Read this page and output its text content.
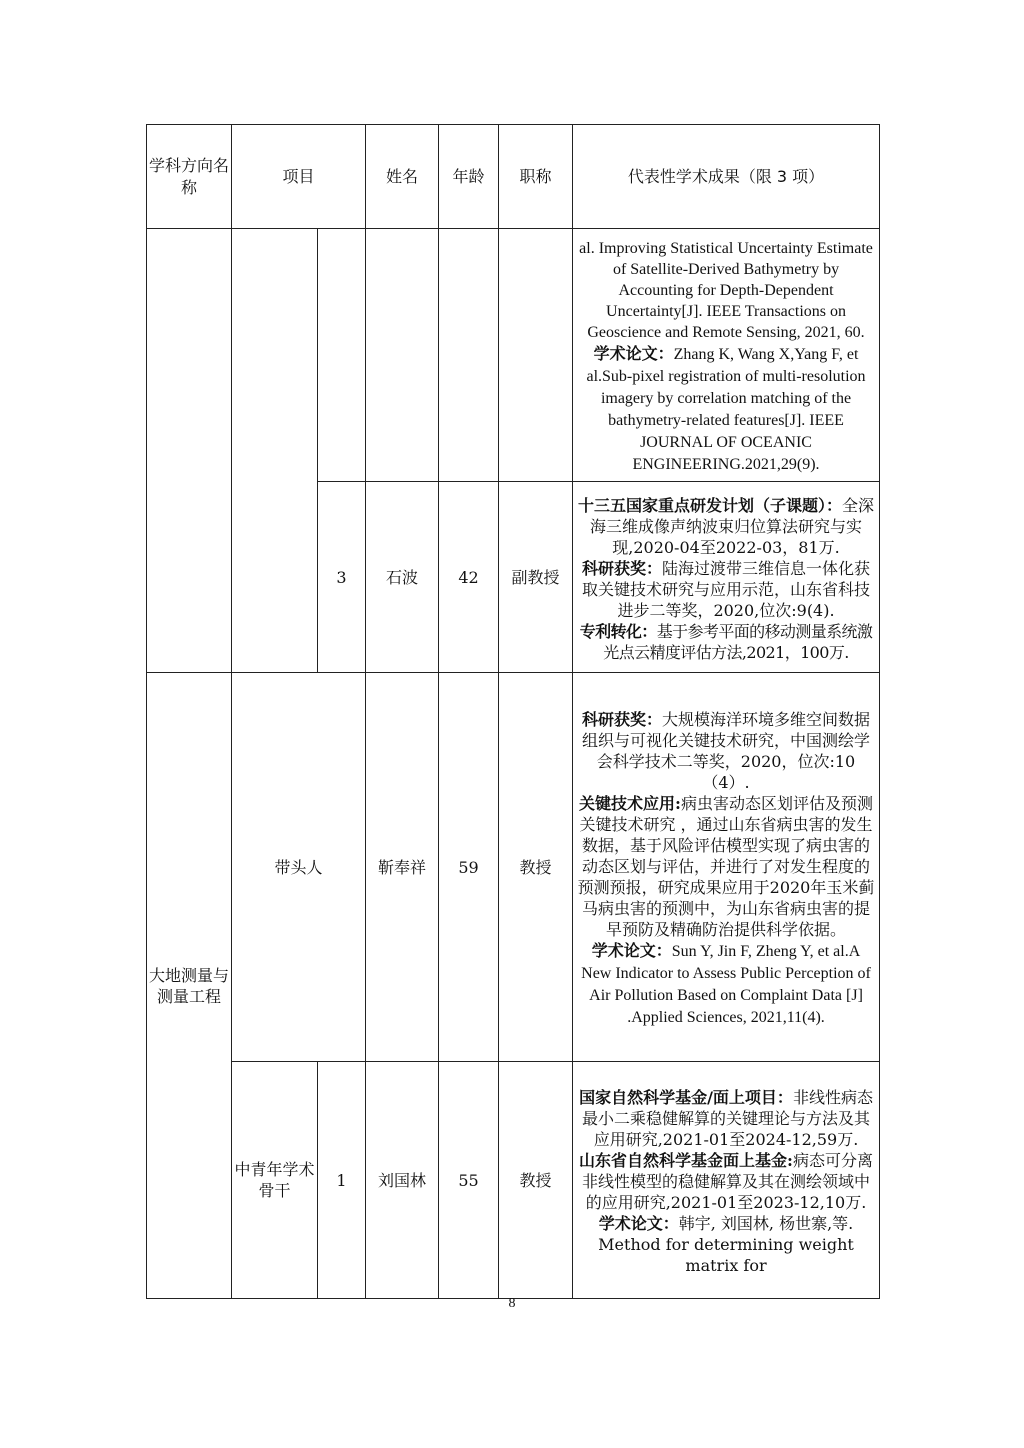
学科方向名称	项目		姓名	年龄	职称	代表性学术成果（限 3 项）

						al. Improving Statistical Uncertainty Estimate of Satellite-Derived Bathymetry by Accounting for Depth-Dependent Uncertainty[J]. IEEE Transactions on Geoscience and Remote Sensing, 2021, 60.
学术论文：Zhang K, Wang X,Yang F, et al.Sub-pixel registration of multi-resolution imagery by correlation matching of the bathymetry-related features[J]. IEEE JOURNAL OF OCEANIC ENGINEERING.2021,29(9).

		3	石波	42	副教授	十三五国家重点研发计划（子课题）：全深海三维成像声纳波束归位算法研究与实现,2020-04至2022-03，81万.
科研获奖：陆海过渡带三维信息一体化获取关键技术研究与应用示范，山东省科技进步二等奖，2020,位次:9(4).
专利转化：基于参考平面的移动测量系统激光点云精度评估方法,2021，100万.

大地测量与测量工程	带头人		靳奉祥	59	教授	科研获奖：大规模海洋环境多维空间数据组织与可视化关键技术研究，中国测绘学会科学技术二等奖，2020，位次:10（4）.
关键技术应用:病虫害动态区划评估及预测关键技术研究 ，通过山东省病虫害的发生数据，基于风险评估模型实现了病虫害的动态区划与评估，并进行了对发生程度的预测预报，研究成果应用于2020年玉米蓟马病虫害的预测中，为山东省病虫害的提早预防及精确防治提供科学依据。
学术论文：Sun Y, Jin F, Zheng Y, et al.A New Indicator to Assess Public Perception of Air Pollution Based on Complaint Data [J] .Applied Sciences, 2021,11(4).

	中青年学术骨干	1	刘国林	55	教授	国家自然科学基金/面上项目：非线性病态最小二乘稳健解算的关键理论与方法及其应用研究,2021-01至2024-12,59万.
山东省自然科学基金面上基金:病态可分离非线性模型的稳健解算及其在测绘领域中的应用研究,2021-01至2023-12,10万.
学术论文：韩宇, 刘国林, 杨世寨,等. Method for determining weight matrix for
8
